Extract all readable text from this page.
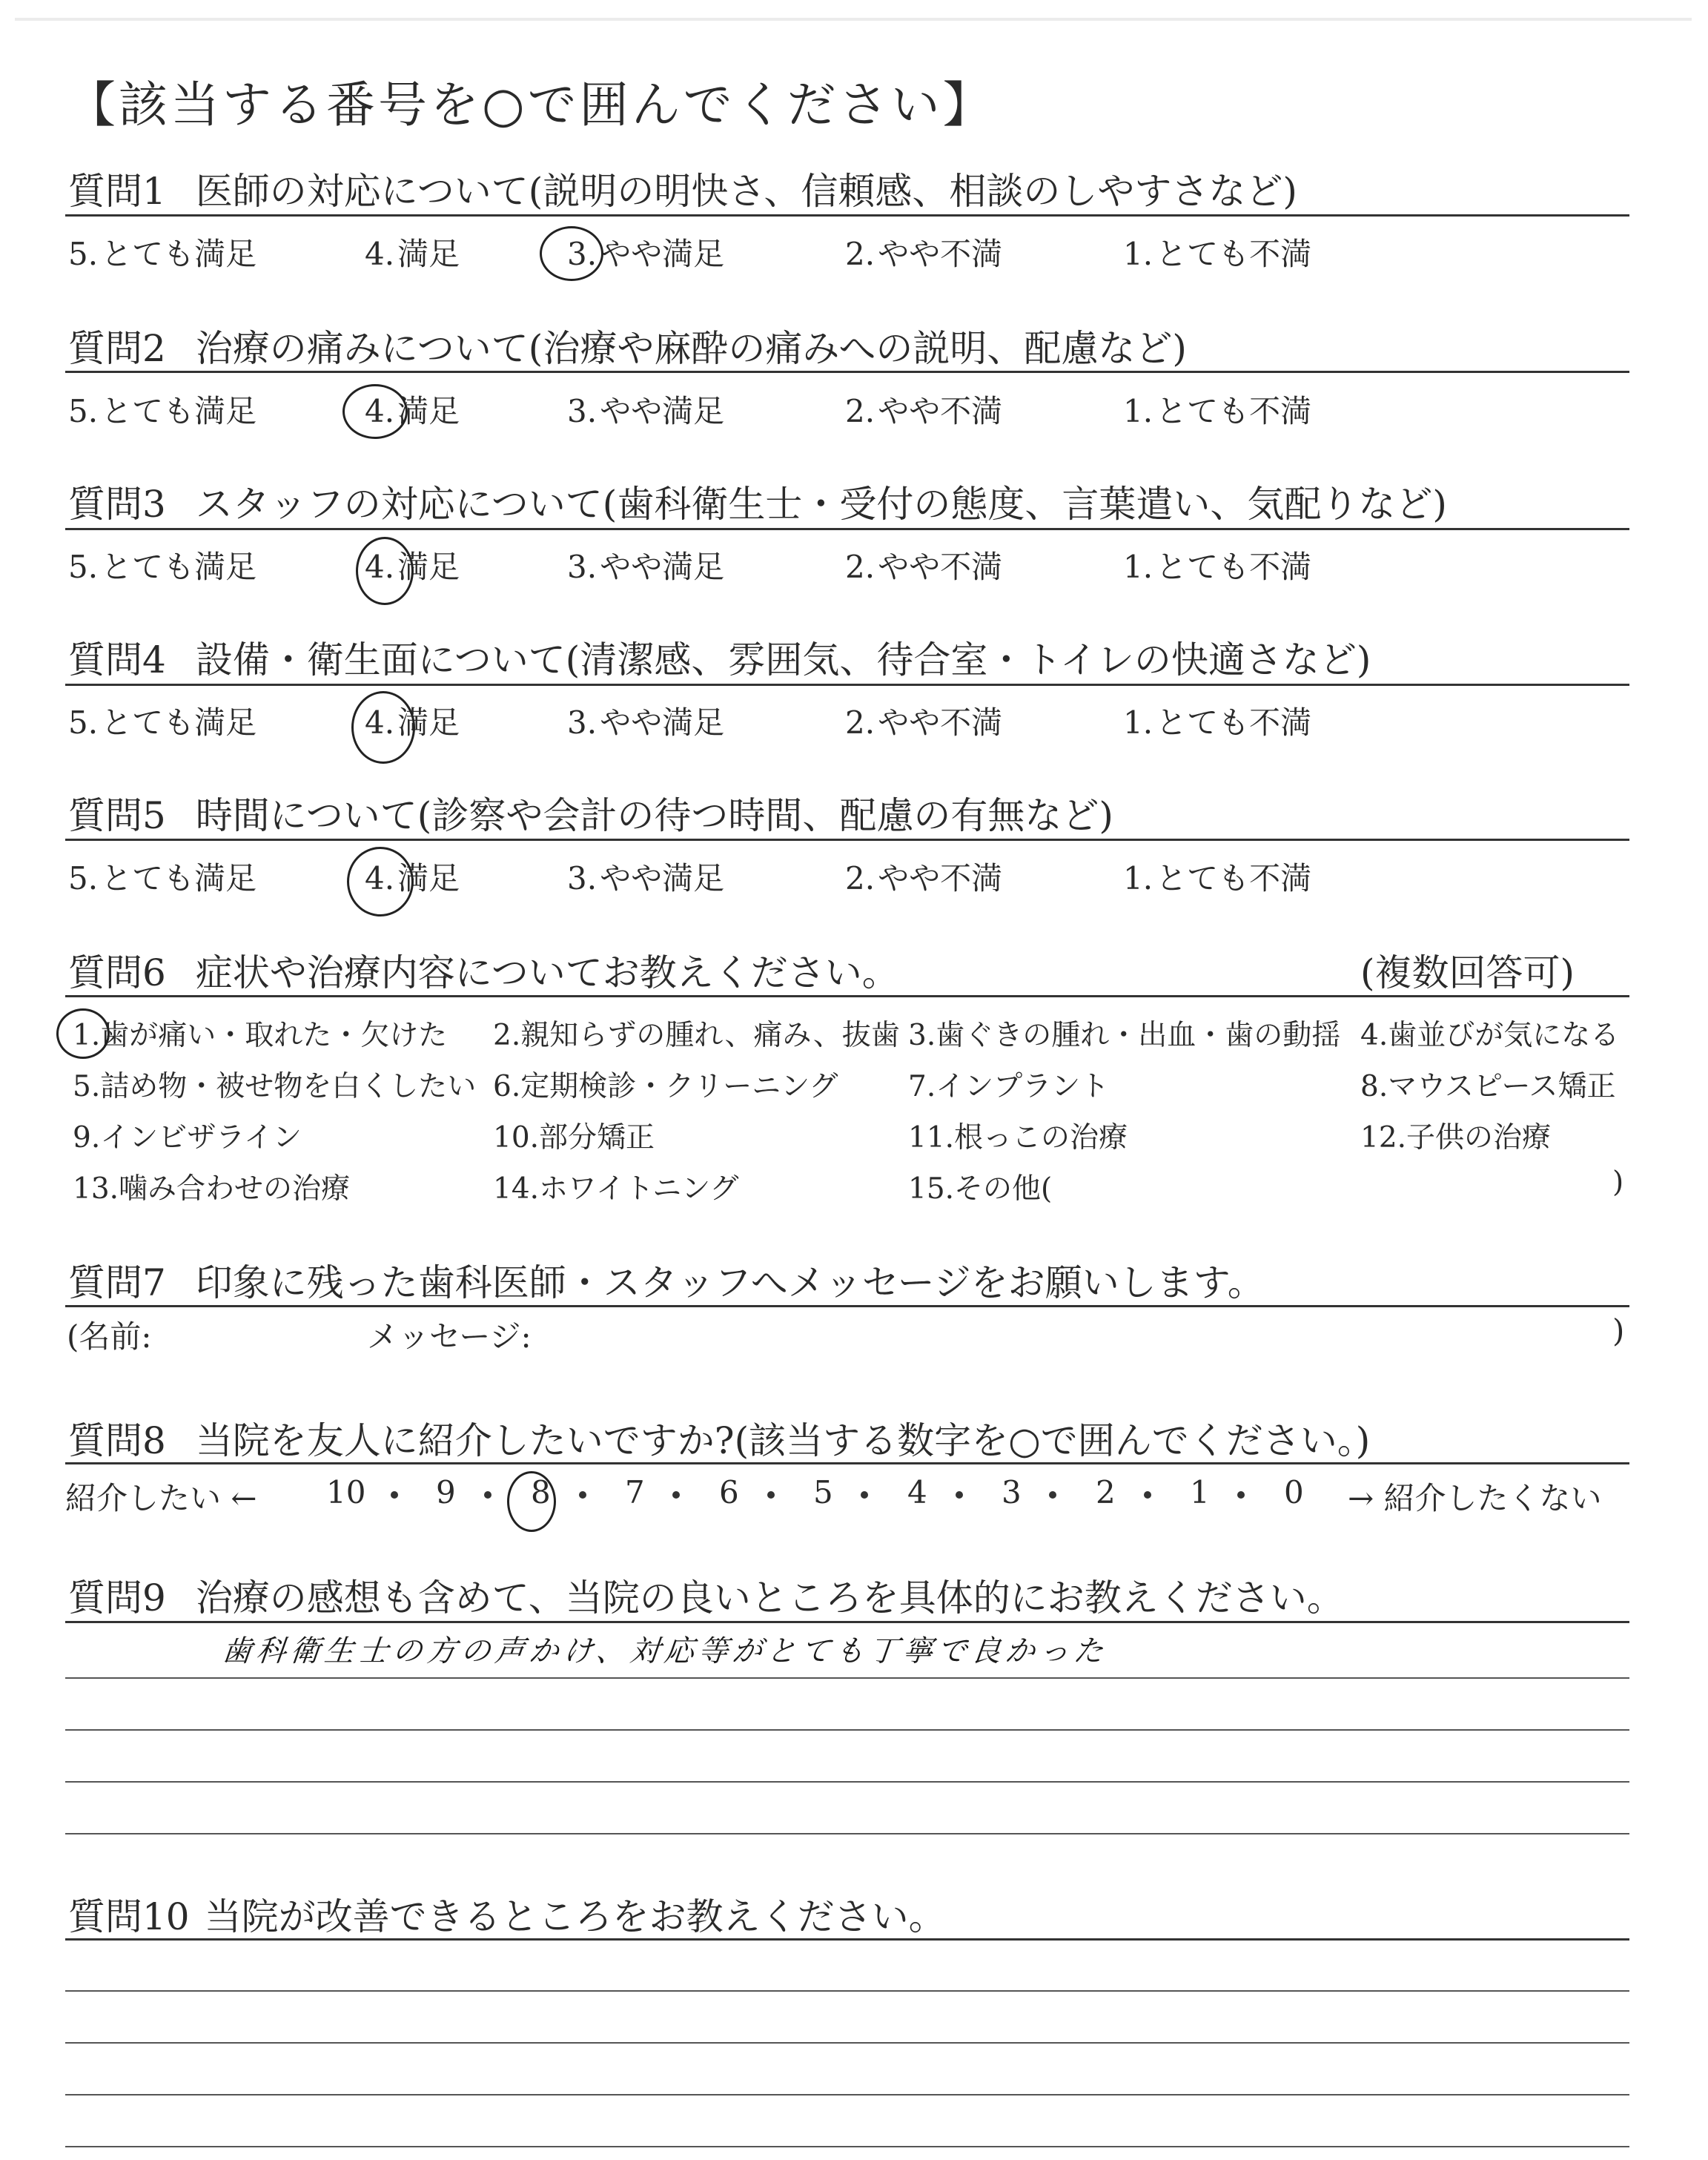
【該当する番号を○で囲んでください】
質問1 医師の対応について(説明の明快さ、信頼感、相談のしやすさなど)
5.とても満足	4.満足	3.やや満足	2.やや不満	1.とても不満
質問2 治療の痛みについて(治療や麻酔の痛みへの説明、配慮など)
5.とても満足	4.満足	3.やや満足	2.やや不満	1.とても不満
質問3 スタッフの対応について(歯科衛生士・受付の態度、言葉遣い、気配りなど)
5.とても満足	4.満足	3.やや満足	2.やや不満	1.とても不満
質問4 設備・衛生面について(清潔感、雰囲気、待合室・トイレの快適さなど)
5.とても満足	4.満足	3.やや満足	2.やや不満	1.とても不満
質問5 時間について(診察や会計の待つ時間、配慮の有無など)
5.とても満足	4.満足	3.やや満足	2.やや不満	1.とても不満
質問6 症状や治療内容についてお教えください。	(複数回答可)
1.歯が痛い・取れた・欠けた 2.親知らずの腫れ、痛み、抜歯 3.歯ぐきの腫れ・出血・歯の動揺 4.歯並びが気になる
5.詰め物・被せ物を白くしたい 6.定期検診・クリーニング 7.インプラント	8.マウスピース矯正
9.インビザライン	10.部分矯正	11.根っこの治療	12.子供の治療
13.噛み合わせの治療	14.ホワイトニング	15.その他(	)
質問7 印象に残った歯科医師・スタッフへメッセージをお願いします。
(名前:	メッセージ:	)
質問8 当院を友人に紹介したいですか?(該当する数字を○で囲んでください。)
紹介したい ← 10 9 8 7 6 5 4 3 2 1 0 → 紹介したくない
質問9 治療の感想も含めて、当院の良いところを具体的にお教えください。
歯科衛生士の方の声かけ、対応等がとても丁寧で良かった
質問10 当院が改善できるところをお教えください。
